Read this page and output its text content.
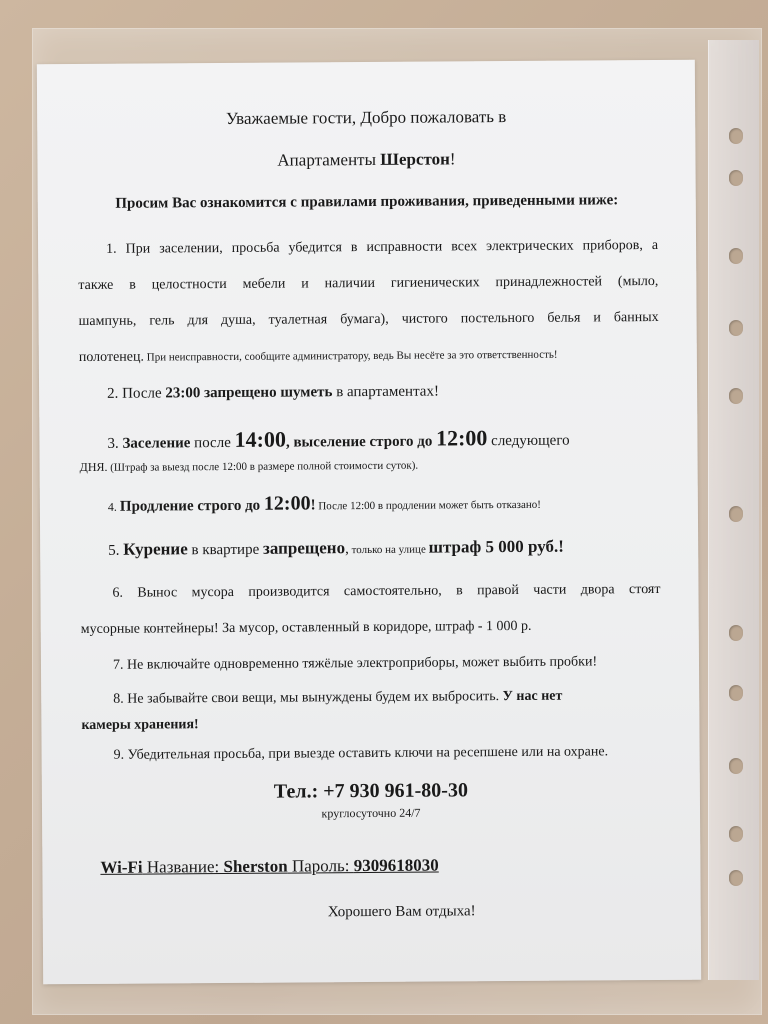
Уважаемые гости, Добро пожаловать в
Апартаменты Шерстон!
Просим Вас ознакомится с правилами проживания, приведенными ниже:
1. При заселении, просьба убедится в исправности всех электрических приборов, а
также в целостности мебели и наличии гигиенических принадлежностей (мыло,
шампунь, гель для душа, туалетная бумага), чистого постельного белья и банных
полотенец. При неисправности, сообщите администратору, ведь Вы несёте за это ответственность!
2. После 23:00 запрещено шуметь в апартаментах!
3. Заселение после 14:00, выселение строго до 12:00 следующего
ДНЯ. (Штраф за выезд после 12:00 в размере полной стоимости суток).
4. Продление строго до 12:00! После 12:00 в продлении может быть отказано!
5. Курение в квартире запрещено, только на улице штраф 5 000 руб.!
6. Вынос мусора производится самостоятельно, в правой части двора стоят
мусорные контейнеры! За мусор, оставленный в коридоре, штраф - 1 000 р.
7. Не включайте одновременно тяжёлые электроприборы, может выбить пробки!
8. Не забывайте свои вещи, мы вынуждены будем их выбросить. У нас нет
камеры хранения!
9. Убедительная просьба, при выезде оставить ключи на ресепшене или на охране.
Тел.: +7 930 961-80-30
круглосуточно 24/7
Wi-Fi Название: Sherston Пароль: 9309618030
Хорошего Вам отдыха!
